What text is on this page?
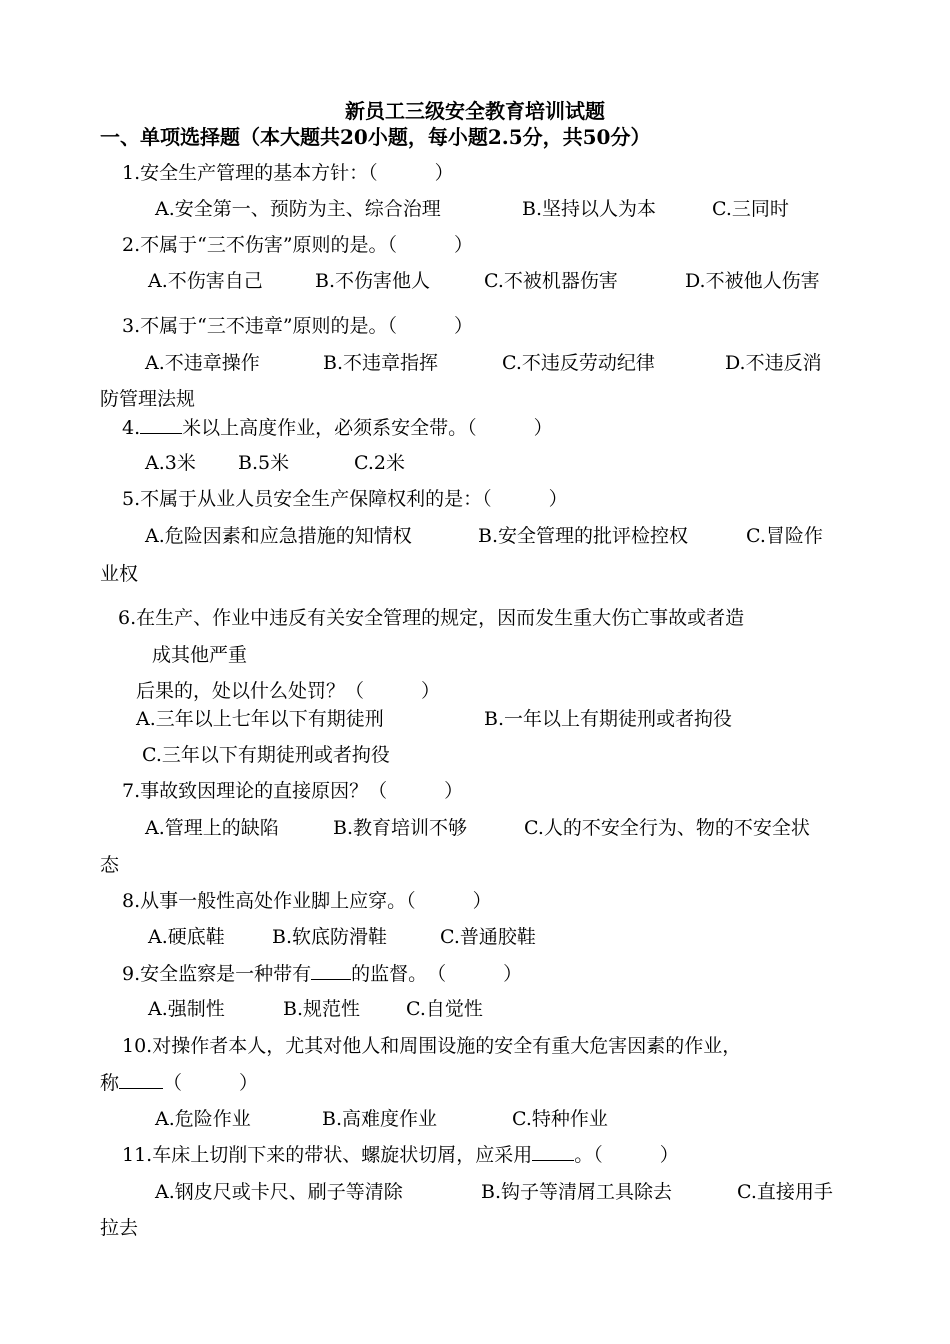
新员工三级安全教育培训试题
一、单项选择题（本大题共20小题，每小题2.5分，共50分）
1.安全生产管理的基本方针：（　　　）
A.安全第一、预防为主、综合治理	B.坚持以人为本	C.三同时
2.不属于“三不伤害”原则的是。（　　　）
A.不伤害自己	B.不伤害他人	C.不被机器伤害	D.不被他人伤害
3.不属于“三不违章”原则的是。（　　　）
A.不违章操作	B.不违章指挥	C.不违反劳动纪律	D.不违反消
防管理法规
4. 米以上高度作业，必须系安全带。（　　　）
A.3米 B.5米	C.2米
5.不属于从业人员安全生产保障权利的是：（　　　）
A.危险因素和应急措施的知情权	B.安全管理的批评检控权	C.冒险作
业权
6.在生产、作业中违反有关安全管理的规定，因而发生重大伤亡事故或者造
成其他严重
后果的，处以什么处罚？（　　　）
A.三年以上七年以下有期徒刑	B.一年以上有期徒刑或者拘役
C.三年以下有期徒刑或者拘役
7.事故致因理论的直接原因？（　　　）
A.管理上的缺陷	B.教育培训不够	C.人的不安全行为、物的不安全状
态
8.从事一般性高处作业脚上应穿。（　　　）
A.硬底鞋 B.软底防滑鞋	C.普通胶鞋
9.安全监察是一种带有 的监督。　（　　　）
A.强制性	B.规范性 C.自觉性
10.对操作者本人，尤其对他人和周围设施的安全有重大危害因素的作业，
称 （　　　）
A.危险作业	B.高难度作业	C.特种作业
11.车床上切削下来的带状、螺旋状切屑，应采用 。（　　　）
A.钢皮尺或卡尺、刷子等清除	B.钩子等清屑工具除去	C.直接用手
拉去
